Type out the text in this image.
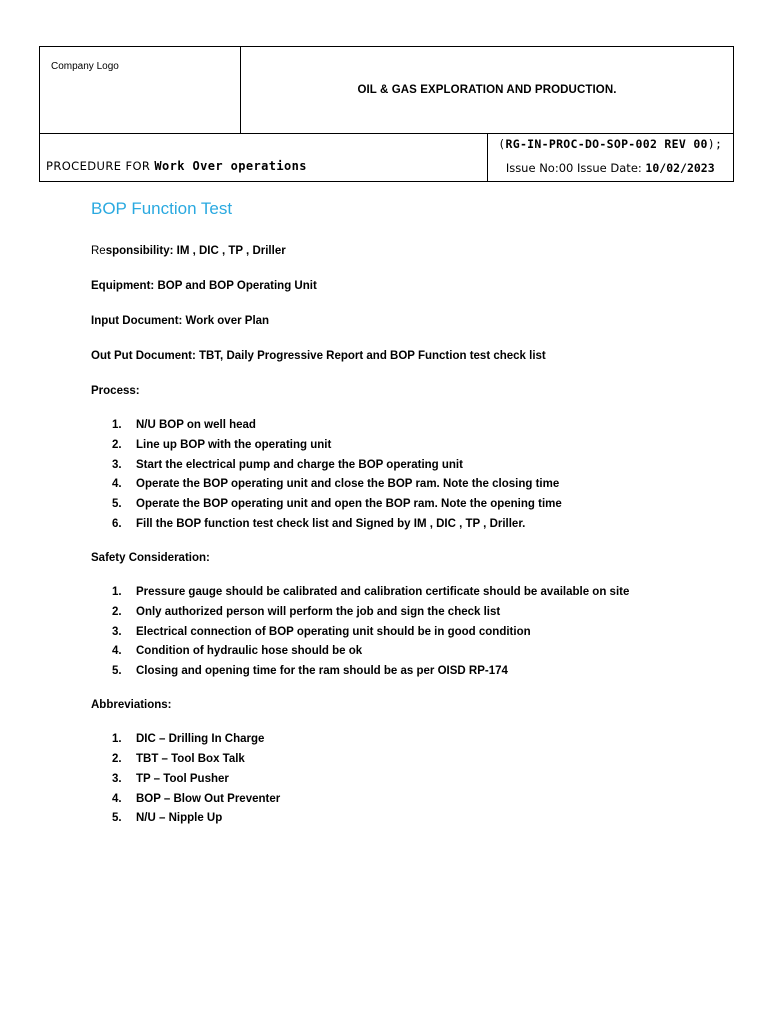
Company Logo	OIL & GAS EXPLORATION AND PRODUCTION.	

PROCEDURE FOR Work Over operations		(RG-IN-PROC-DO-SOP-002 REV 00);
Issue No:00 Issue Date: 10/02/2023
BOP Function Test

Responsibility: IM , DIC , TP , Driller

Equipment: BOP and BOP Operating Unit

Input Document: Work over Plan

Out Put Document: TBT, Daily Progressive Report and BOP Function test check list

Process:

1.	N/U BOP on well head
2.	Line up BOP with the operating unit
3.	Start the electrical pump and charge the BOP operating unit
4.	Operate the BOP operating unit and close the BOP ram. Note the closing time
5.	Operate the BOP operating unit and open the BOP ram. Note the opening time
6.	Fill the BOP function test check list and Signed by IM , DIC , TP , Driller.

Safety Consideration:

1.	Pressure gauge should be calibrated and calibration certificate should be available on site
2.	Only authorized person will perform the job and sign the check list
3.	Electrical connection of BOP operating unit should be in good condition
4.	Condition of hydraulic hose should be ok
5.	Closing and opening time for the ram should be as per OISD RP-174

Abbreviations:

1.	DIC – Drilling In Charge
2.	TBT – Tool Box Talk
3.	TP – Tool Pusher
4.	BOP – Blow Out Preventer
5.	N/U – Nipple Up
